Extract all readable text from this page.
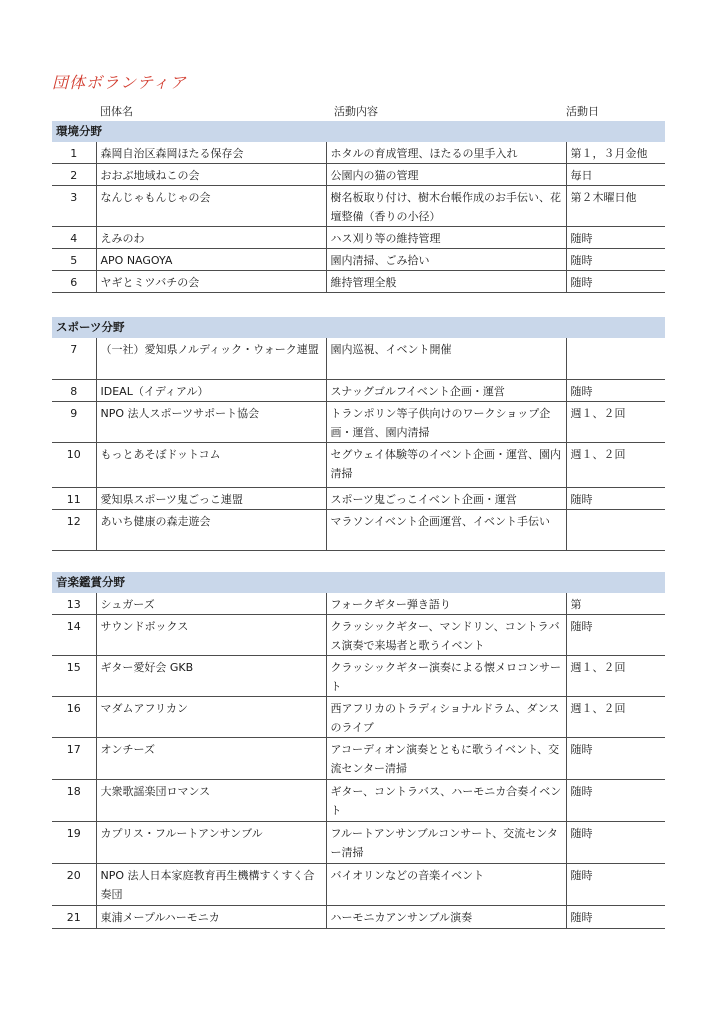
団体ボランティア
団体名	活動内容	活動日
環境分野
1	森岡自治区森岡ほたる保存会	ホタルの育成管理、ほたるの里手入れ	第１，３月金他
2	おおぶ地域ねこの会	公園内の猫の管理	毎日
3	なんじゃもんじゃの会	樹名板取り付け、樹木台帳作成のお手伝い、花壇整備（香りの小径）	第２木曜日他
4	えみのわ	ハス刈り等の維持管理	随時
5	APO NAGOYA	園内清掃、ごみ拾い	随時
6	ヤギとミツバチの会	維持管理全般	随時
スポーツ分野
7	（一社）愛知県ノルディック・ウォーク連盟	園内巡視、イベント開催	
8	IDEAL（イディアル）	スナッグゴルフイベント企画・運営	随時
9	NPO 法人スポーツサポート協会	トランポリン等子供向けのワークショップ企画・運営、園内清掃	週１、２回
10	もっとあそぼドットコム	セグウェイ体験等のイベント企画・運営、園内清掃	週１、２回
11	愛知県スポーツ鬼ごっこ連盟	スポーツ鬼ごっこイベント企画・運営	随時
12	あいち健康の森走遊会	マラソンイベント企画運営、イベント手伝い	
音楽鑑賞分野
13	シュガーズ	フォークギター弾き語り	第
14	サウンドボックス	クラッシックギター、マンドリン、コントラバス演奏で来場者と歌うイベント	随時
15	ギター愛好会 GKB	クラッシックギター演奏による懐メロコンサート	週１、２回
16	マダムアフリカン	西アフリカのトラディショナルドラム、ダンスのライブ	週１、２回
17	オンチーズ	アコーディオン演奏とともに歌うイベント、交流センター清掃	随時
18	大衆歌謡楽団ロマンス	ギター、コントラバス、ハーモニカ合奏イベント	随時
19	カプリス・フルートアンサンブル	フルートアンサンブルコンサート、交流センター清掃	随時
20	NPO 法人日本家庭教育再生機構すくすく合奏団	バイオリンなどの音楽イベント	随時
21	東浦メープルハーモニカ	ハーモニカアンサンブル演奏	随時
